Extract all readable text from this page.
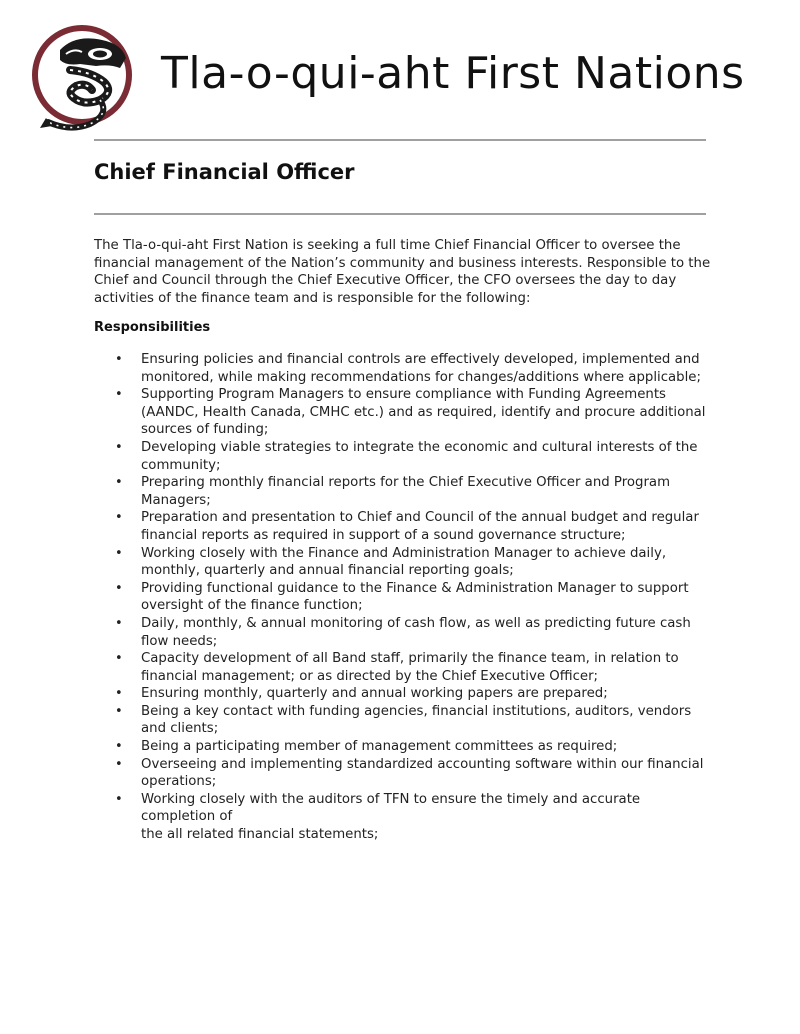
Tla-o-qui-aht First Nations
Chief Financial Officer

The Tla-o-qui-aht First Nation is seeking a full time Chief Financial Officer to oversee the financial management of the Nation’s community and business interests. Responsible to the Chief and Council through the Chief Executive Officer, the CFO oversees the day to day activities of the finance team and is responsible for the following:

Responsibilities
• Ensuring policies and financial controls are effectively developed, implemented and monitored, while making recommendations for changes/additions where applicable;
• Supporting Program Managers to ensure compliance with Funding Agreements (AANDC, Health Canada, CMHC etc.) and as required, identify and procure additional sources of funding;
• Developing viable strategies to integrate the economic and cultural interests of the community;
• Preparing monthly financial reports for the Chief Executive Officer and Program Managers;
• Preparation and presentation to Chief and Council of the annual budget and regular financial reports as required in support of a sound governance structure;
• Working closely with the Finance and Administration Manager to achieve daily, monthly, quarterly and annual financial reporting goals;
• Providing functional guidance to the Finance & Administration Manager to support oversight of the finance function;
• Daily, monthly, & annual monitoring of cash flow, as well as predicting future cash flow needs;
• Capacity development of all Band staff, primarily the finance team, in relation to financial management; or as directed by the Chief Executive Officer;
• Ensuring monthly, quarterly and annual working papers are prepared;
• Being a key contact with funding agencies, financial institutions, auditors, vendors and clients;
• Being a participating member of management committees as required;
• Overseeing and implementing standardized accounting software within our financial operations;
• Working closely with the auditors of TFN to ensure the timely and accurate completion of
the all related financial statements;
